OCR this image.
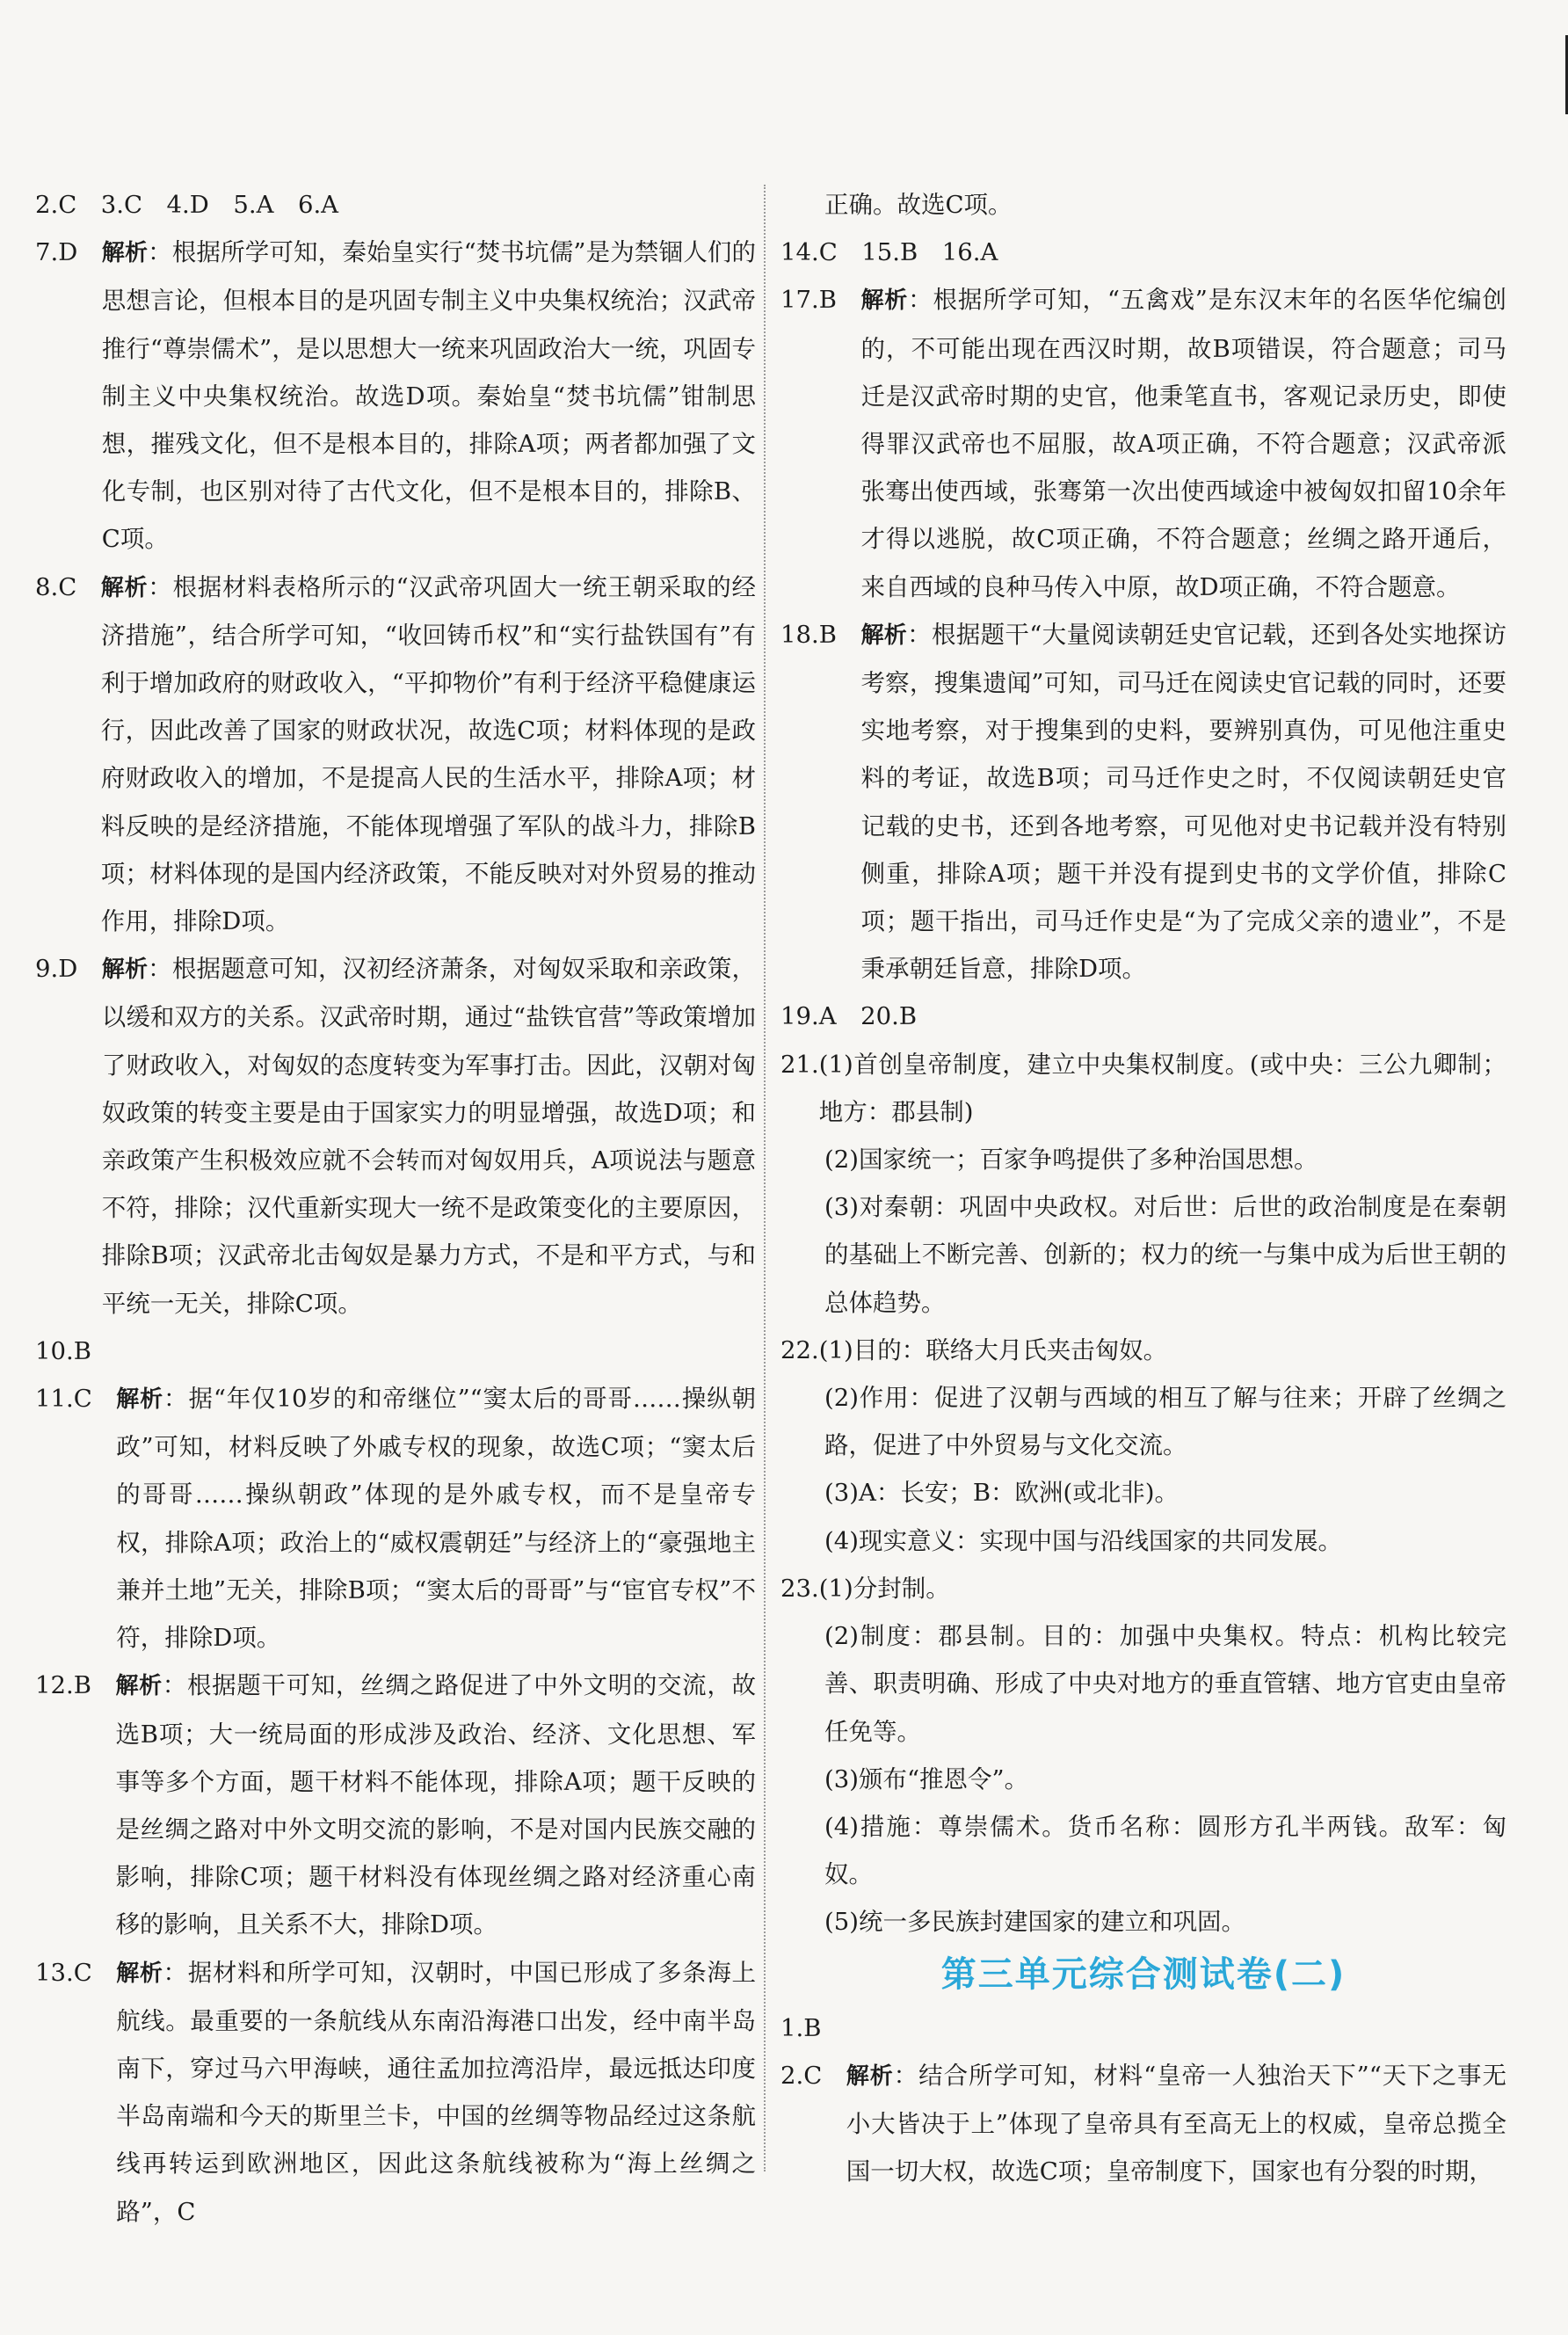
2.C　3.C　4.D　5.A　6.A

7.D　 解析：根据所学可知，秦始皇实行“焚书坑儒”是为禁锢人们的思想言论，但根本目的是巩固专制主义中央集权统治；汉武帝推行“尊崇儒术”，是以思想大一统来巩固政治大一统，巩固专制主义中央集权统治。故选D项。秦始皇“焚书坑儒”钳制思想，摧残文化，但不是根本目的，排除A项；两者都加强了文化专制，也区别对待了古代文化，但不是根本目的，排除B、C项。
8.C　 解析：根据材料表格所示的“汉武帝巩固大一统王朝采取的经济措施”，结合所学可知，“收回铸币权”和“实行盐铁国有”有利于增加政府的财政收入，“平抑物价”有利于经济平稳健康运行，因此改善了国家的财政状况，故选C项；材料体现的是政府财政收入的增加，不是提高人民的生活水平，排除A项；材料反映的是经济措施，不能体现增强了军队的战斗力，排除B项；材料体现的是国内经济政策，不能反映对对外贸易的推动作用，排除D项。
9.D　 解析：根据题意可知，汉初经济萧条，对匈奴采取和亲政策，以缓和双方的关系。汉武帝时期，通过“盐铁官营”等政策增加了财政收入，对匈奴的态度转变为军事打击。因此，汉朝对匈奴政策的转变主要是由于国家实力的明显增强，故选D项；和亲政策产生积极效应就不会转而对匈奴用兵，A项说法与题意不符，排除；汉代重新实现大一统不是政策变化的主要原因，排除B项；汉武帝北击匈奴是暴力方式，不是和平方式，与和平统一无关，排除C项。

10.B

11.C　 解析：据“年仅10岁的和帝继位”“窦太后的哥哥……操纵朝政”可知，材料反映了外戚专权的现象，故选C项；“窦太后的哥哥……操纵朝政”体现的是外戚专权，而不是皇帝专权，排除A项；政治上的“威权震朝廷”与经济上的“豪强地主兼并土地”无关，排除B项；“窦太后的哥哥”与“宦官专权”不符，排除D项。
12.B　 解析：根据题干可知，丝绸之路促进了中外文明的交流，故选B项；大一统局面的形成涉及政治、经济、文化思想、军事等多个方面，题干材料不能体现，排除A项；题干反映的是丝绸之路对中外文明交流的影响，不是对国内民族交融的影响，排除C项；题干材料没有体现丝绸之路对经济重心南移的影响，且关系不大，排除D项。
13.C　 解析：据材料和所学可知，汉朝时，中国已形成了多条海上航线。最重要的一条航线从东南沿海港口出发，经中南半岛南下，穿过马六甲海峡，通往孟加拉湾沿岸，最远抵达印度半岛南端和今天的斯里兰卡，中国的丝绸等物品经过这条航线再转运到欧洲地区，因此这条航线被称为“海上丝绸之路”，C

正确。故选C项。

14.C　15.B　16.A

17.B　 解析：根据所学可知，“五禽戏”是东汉末年的名医华佗编创的，不可能出现在西汉时期，故B项错误，符合题意；司马迁是汉武帝时期的史官，他秉笔直书，客观记录历史，即使得罪汉武帝也不屈服，故A项正确，不符合题意；汉武帝派张骞出使西域，张骞第一次出使西域途中被匈奴扣留10余年才得以逃脱，故C项正确，不符合题意；丝绸之路开通后，来自西域的良种马传入中原，故D项正确，不符合题意。
18.B　 解析：根据题干“大量阅读朝廷史官记载，还到各处实地探访考察，搜集遗闻”可知，司马迁在阅读史官记载的同时，还要实地考察，对于搜集到的史料，要辨别真伪，可见他注重史料的考证，故选B项；司马迁作史之时，不仅阅读朝廷史官记载的史书，还到各地考察，可见他对史书记载并没有特别侧重，排除A项；题干并没有提到史书的文学价值，排除C项；题干指出，司马迁作史是“为了完成父亲的遗业”，不是秉承朝廷旨意，排除D项。

19.A　20.B

21. (1)首创皇帝制度，建立中央集权制度。(或中央：三公九卿制；地方：郡县制)

(2)国家统一；百家争鸣提供了多种治国思想。

(3)对秦朝：巩固中央政权。对后世：后世的政治制度是在秦朝的基础上不断完善、创新的；权力的统一与集中成为后世王朝的总体趋势。

22. (1)目的：联络大月氏夹击匈奴。

(2)作用：促进了汉朝与西域的相互了解与往来；开辟了丝绸之路，促进了中外贸易与文化交流。

(3)A：长安；B：欧洲(或北非)。

(4)现实意义：实现中国与沿线国家的共同发展。

23. (1)分封制。

(2)制度：郡县制。目的：加强中央集权。特点：机构比较完善、职责明确、形成了中央对地方的垂直管辖、地方官吏由皇帝任免等。

(3)颁布“推恩令”。

(4)措施：尊崇儒术。货币名称：圆形方孔半两钱。敌军：匈奴。

(5)统一多民族封建国家的建立和巩固。

第三单元综合测试卷(二)

1.B

2.C　 解析：结合所学可知，材料“皇帝一人独治天下”“天下之事无小大皆决于上”体现了皇帝具有至高无上的权威，皇帝总揽全国一切大权，故选C项；皇帝制度下，国家也有分裂的时期，
